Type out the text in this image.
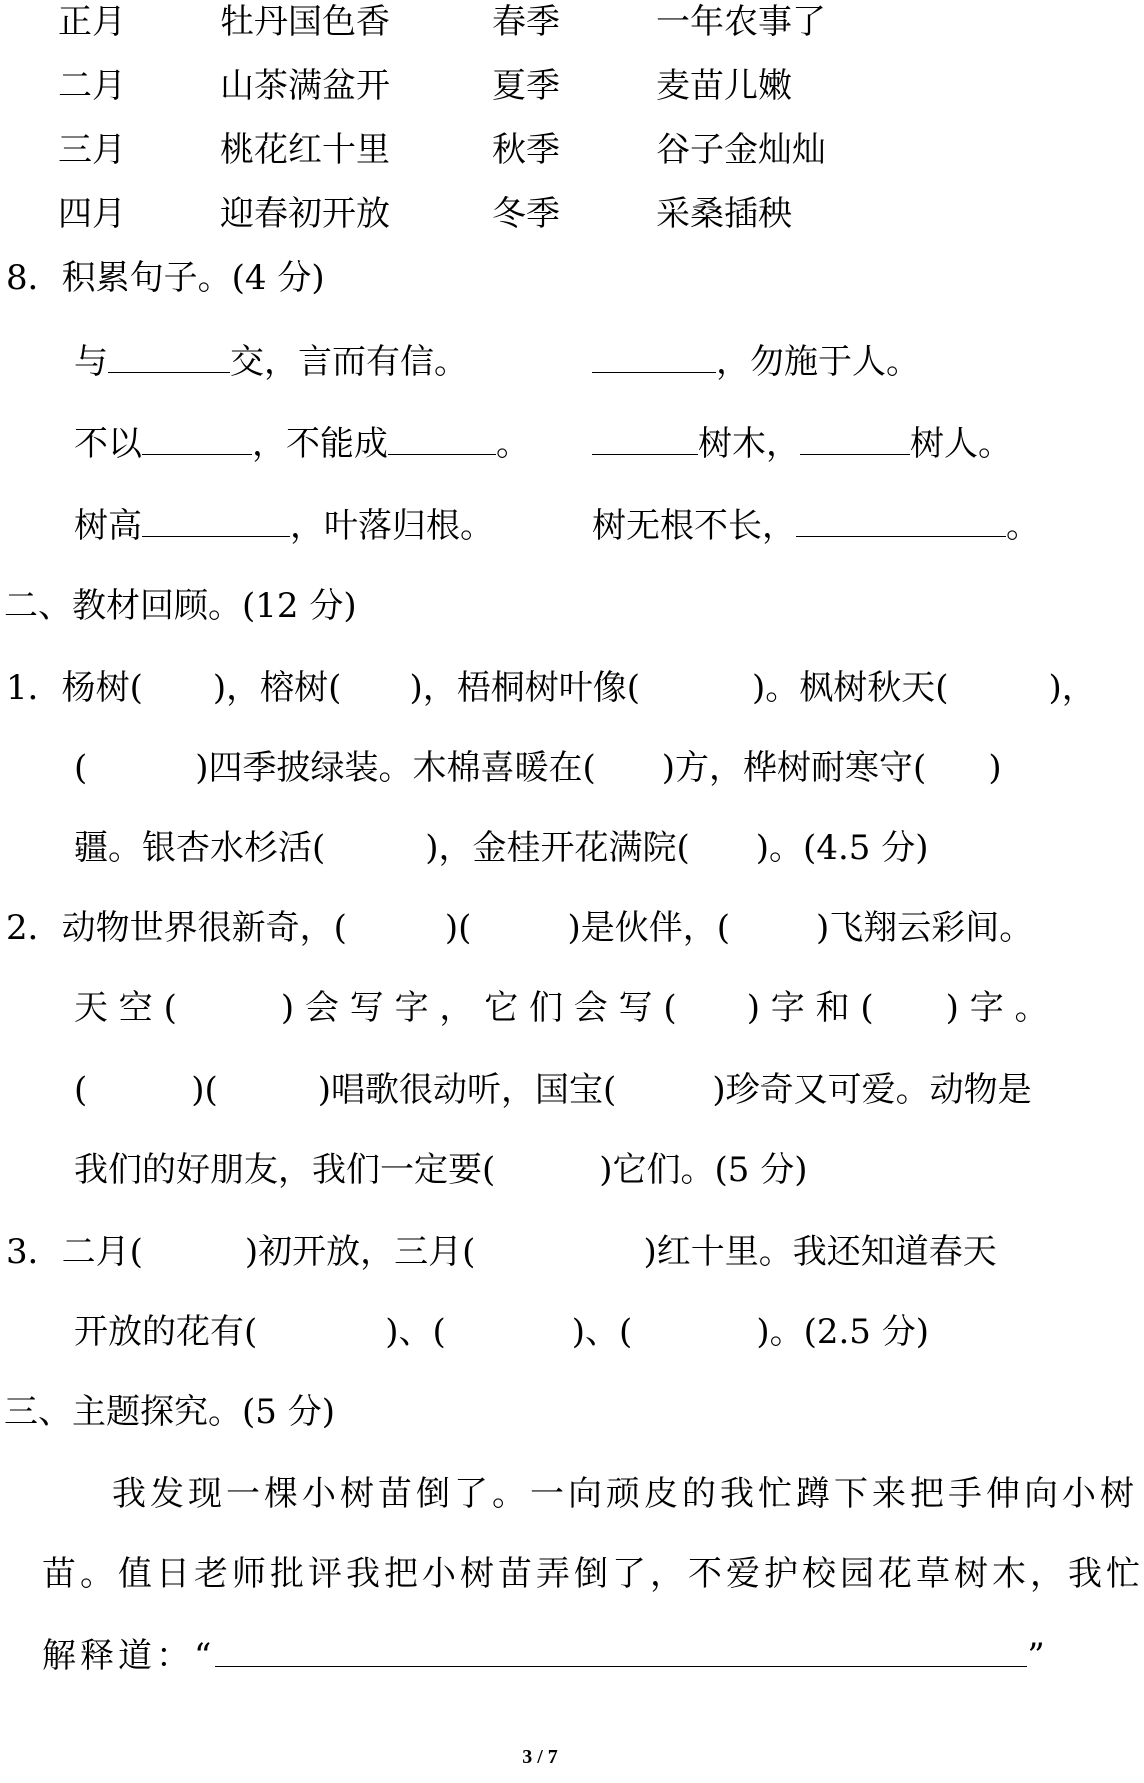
正月	牡丹国色香	春季	一年农事了
二月	山茶满盆开	夏季	麦苗儿嫩
三月	桃花红十里	秋季	谷子金灿灿
四月	迎春初开放	冬季	采桑插秧
8．积累句子。(4 分)
与	交，言而有信。	，勿施于人。
不以	，不能成	。	树木，	树人。
树高	，叶落归根。	树无根不长，	。
二、教材回顾。(12 分)
1．杨树( )，榕树( )，梧桐树叶像(	)。枫树秋天(	)，
(	)四季披绿装。木棉喜暖在( )方，桦树耐寒守( )
疆。银杏水杉活(	)，金桂开花满院( )。(4.5 分)
2．动物世界很新奇，(	)(	)是伙伴，(	)飞翔云彩间。
天 空 (	) 会 写 字 ， 它 们 会 写 ( ) 字 和 ( ) 字 。
(	)(	)唱歌很动听，国宝(	)珍奇又可爱。动物是
我们的好朋友，我们一定要(	)它们。(5 分)
3．二月(	)初开放，三月(	)红十里。我还知道春天
开放的花有(	)、(	)、(	)。(2.5 分)
三、主题探究。(5 分)
我发现一棵小树苗倒了。一向顽皮的我忙蹲下来把手伸向小树
苗。值日老师批评我把小树苗弄倒了，不爱护校园花草树木，我忙
解释道：“	”
3 / 7
